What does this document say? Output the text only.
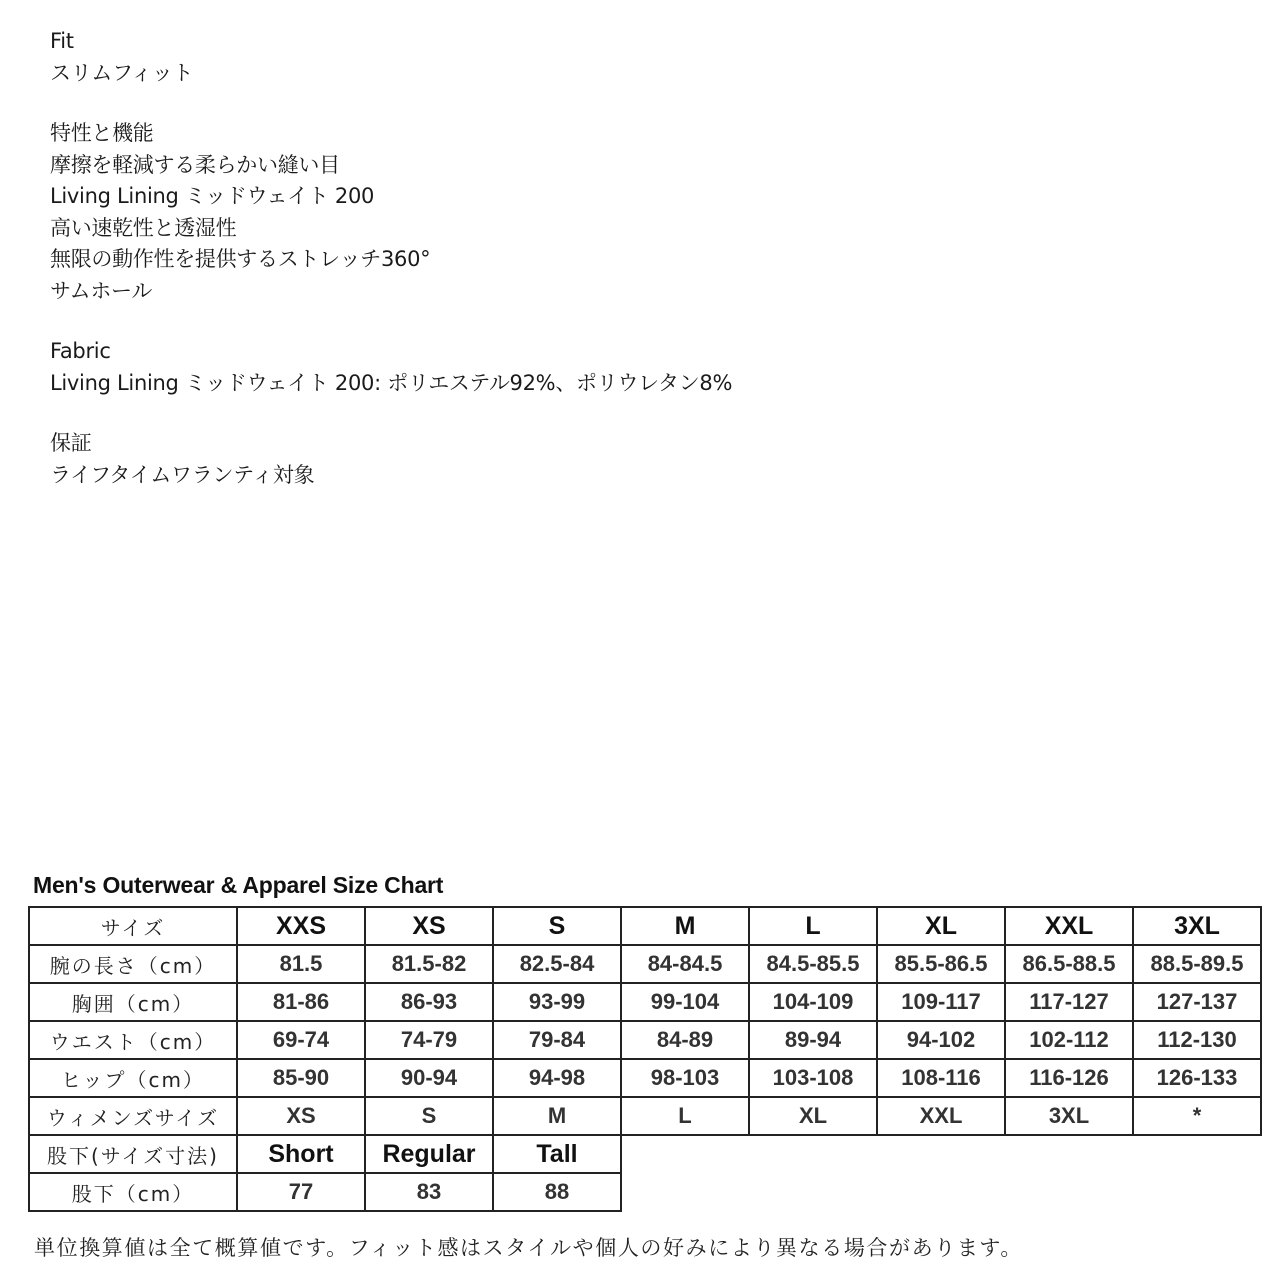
Fit
スリムフィット
特性と機能
摩擦を軽減する柔らかい縫い目
Living Lining ミッドウェイト 200
高い速乾性と透湿性
無限の動作性を提供するストレッチ360°
サムホール
Fabric
Living Lining ミッドウェイト 200: ポリエステル92%、ポリウレタン8%
保証
ライフタイムワランティ対象
Men's Outerwear & Apparel Size Chart
サイズ	XXS	XS	S	M	L	XL	XXL	3XL
腕の長さ（cm）	81.5	81.5-82	82.5-84	84-84.5	84.5-85.5	85.5-86.5	86.5-88.5	88.5-89.5
胸囲（cm）	81-86	86-93	93-99	99-104	104-109	109-117	117-127	127-137
ウエスト（cm）	69-74	74-79	79-84	84-89	89-94	94-102	102-112	112-130
ヒップ（cm）	85-90	90-94	94-98	98-103	103-108	108-116	116-126	126-133
ウィメンズサイズ	XS	S	M	L	XL	XXL	3XL	*
股下(サイズ寸法)	Short	Regular	Tall					
股下（cm）	77	83	88					
単位換算値は全て概算値です。フィット感はスタイルや個人の好みにより異なる場合があります。
